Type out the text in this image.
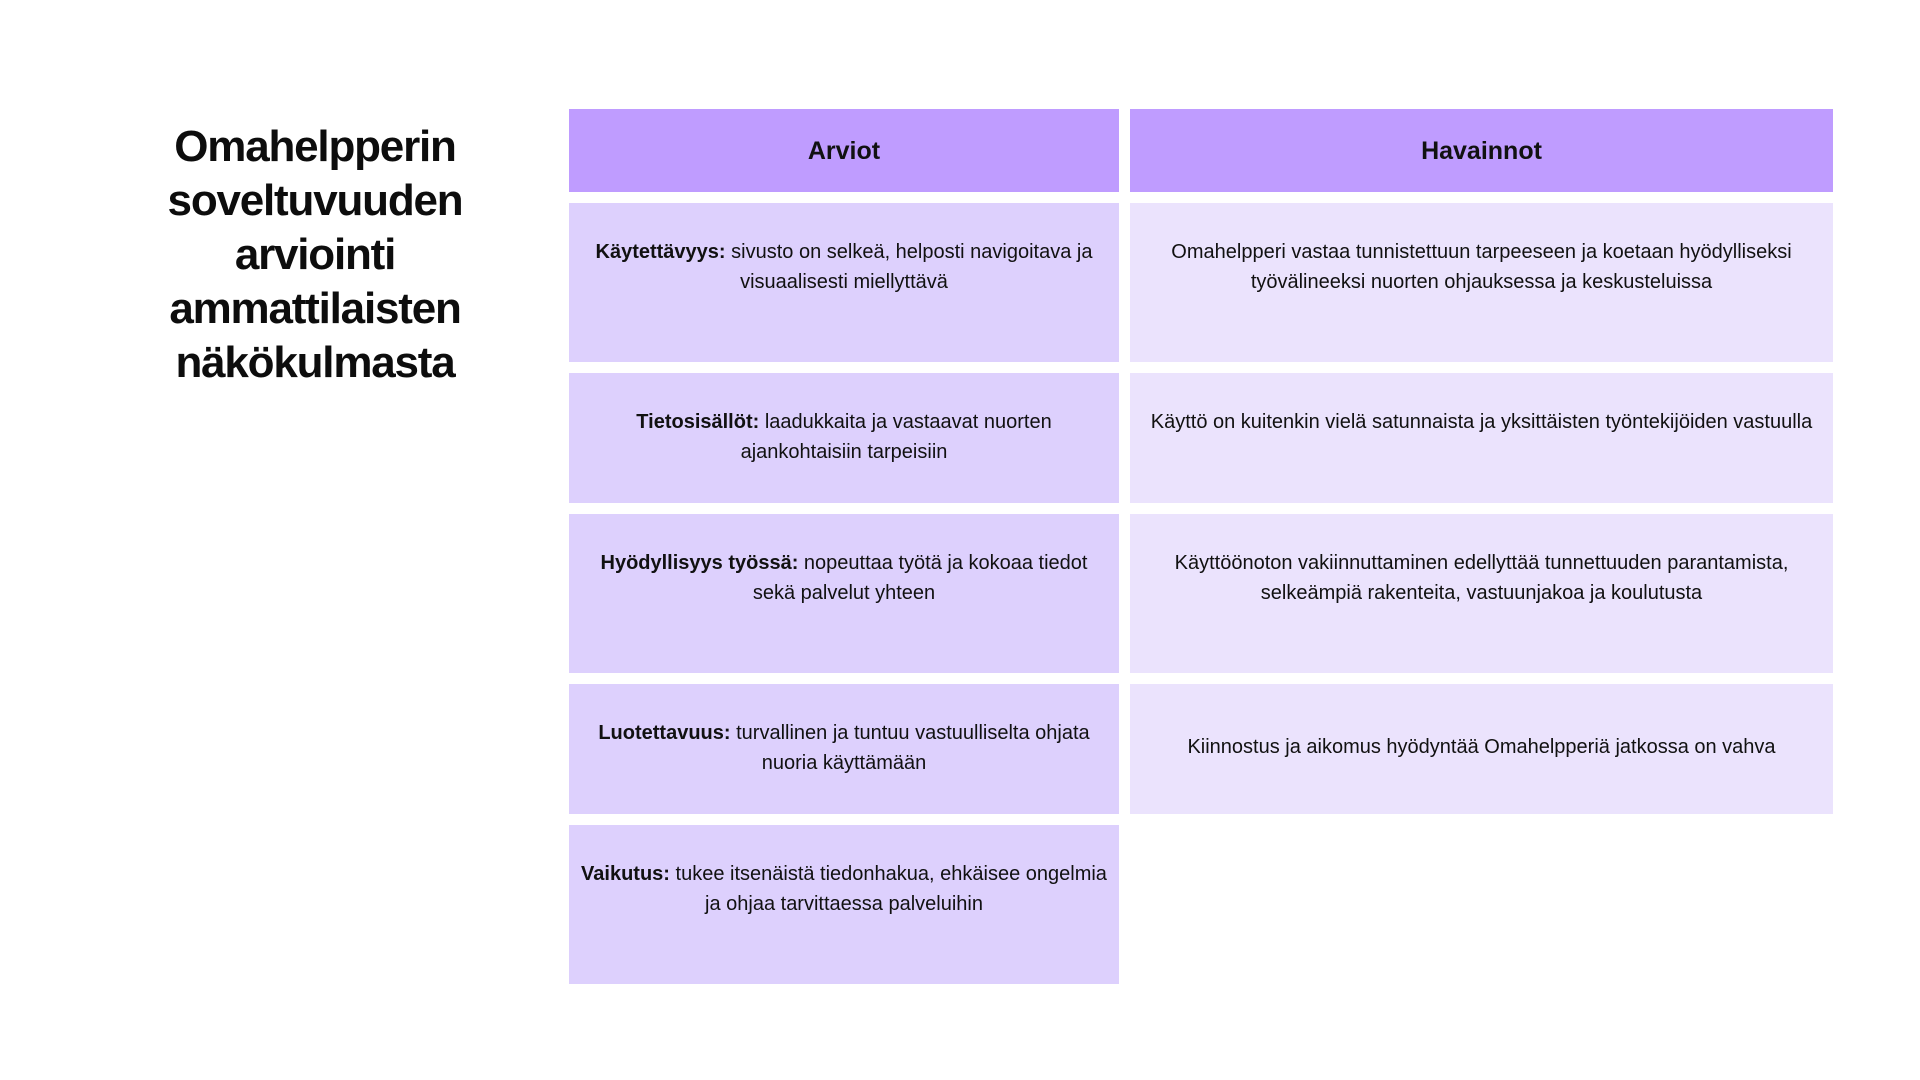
Omahelpperin soveltuvuuden arviointi ammattilaisten näkökulmasta
Arviot	Havainnot
Käytettävyys: sivusto on selkeä, helposti navigoitava ja visuaalisesti miellyttävä
Tietosisällöt: laadukkaita ja vastaavat nuorten ajankohtaisiin tarpeisiin
Hyödyllisyys työssä: nopeuttaa työtä ja kokoaa tiedot sekä palvelut yhteen
Luotettavuus: turvallinen ja tuntuu vastuulliselta ohjata nuoria käyttämään
Vaikutus: tukee itsenäistä tiedonhakua, ehkäisee ongelmia ja ohjaa tarvittaessa palveluihin
Omahelpperi vastaa tunnistettuun tarpeeseen ja koetaan hyödylliseksi työvälineeksi nuorten ohjauksessa ja keskusteluissa
Käyttö on kuitenkin vielä satunnaista ja yksittäisten työntekijöiden vastuulla
Käyttöönoton vakiinnuttaminen edellyttää tunnettuuden parantamista, selkeämpiä rakenteita, vastuunjakoa ja koulutusta
Kiinnostus ja aikomus hyödyntää Omahelpperiä jatkossa on vahva
